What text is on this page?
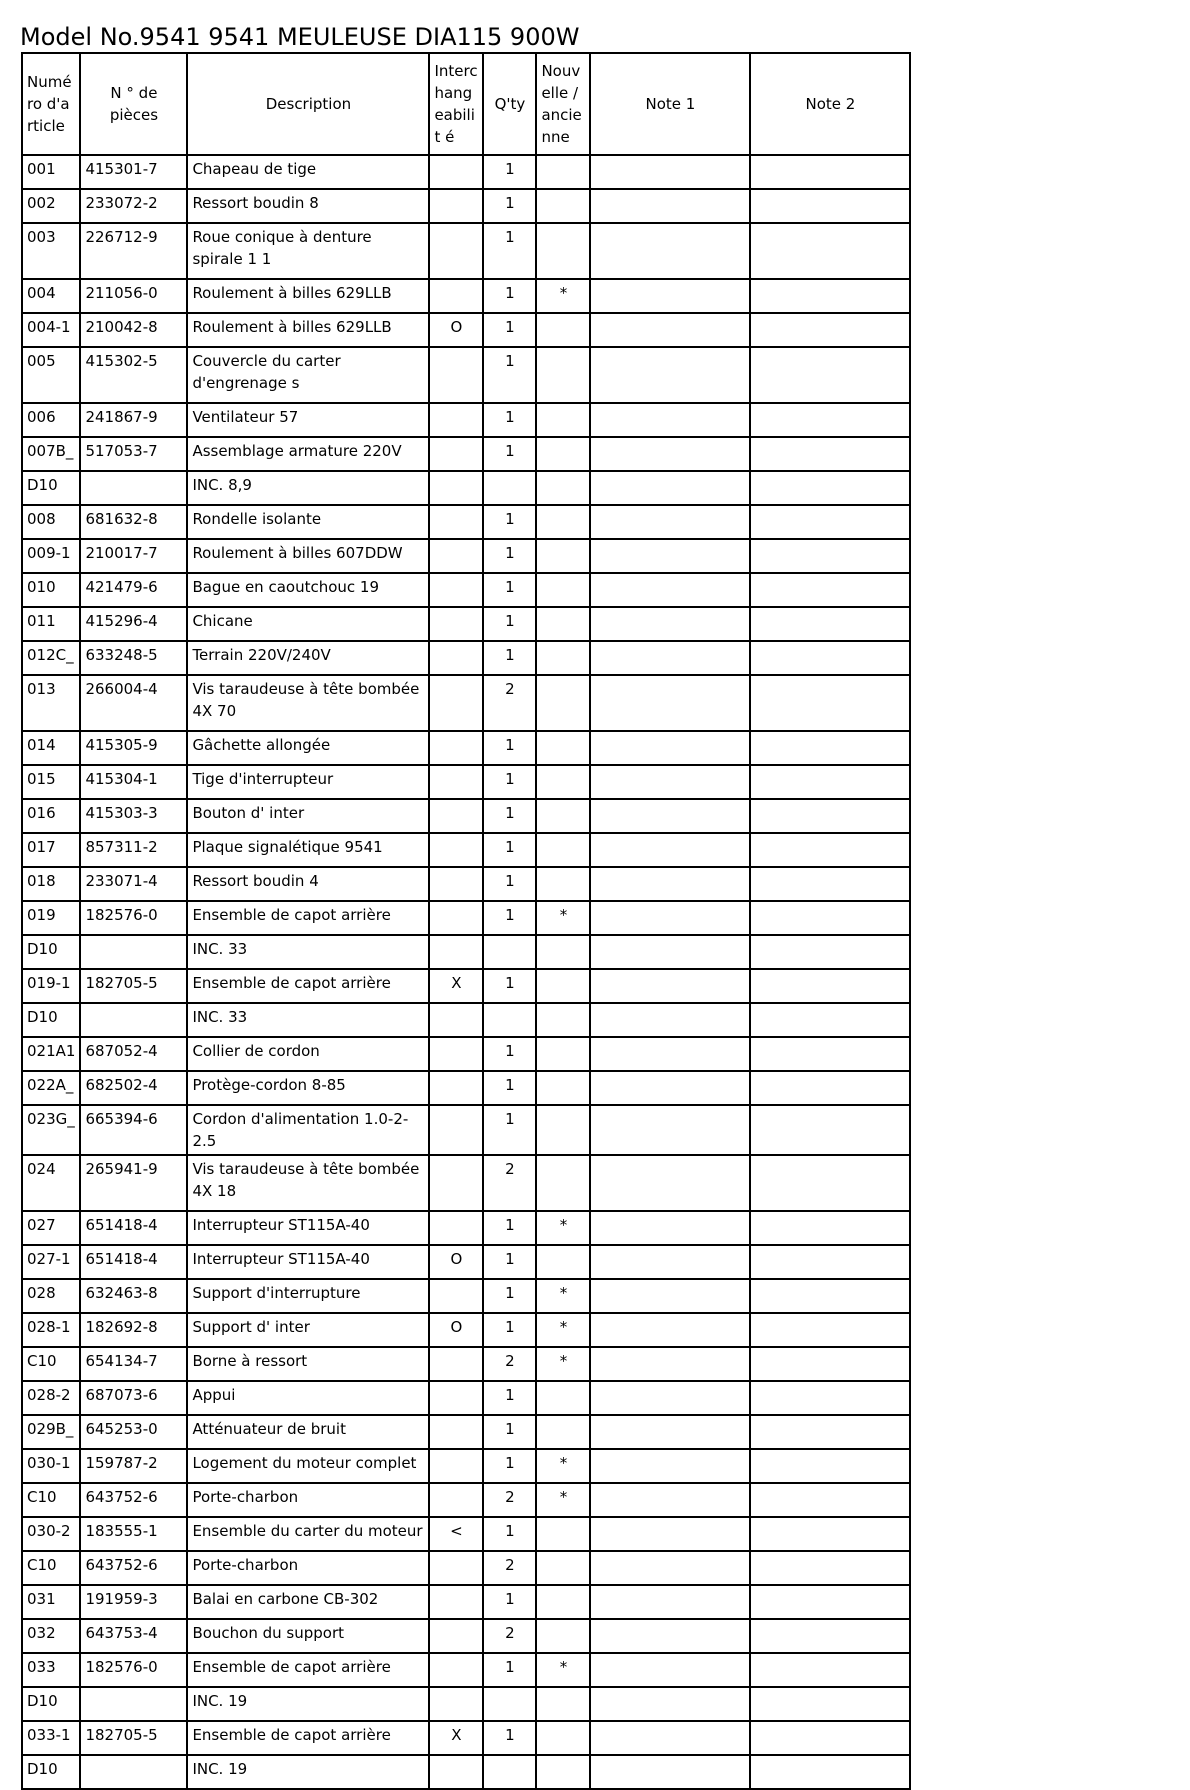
Model No.9541 9541 MEULEUSE DIA115 900W
Numé ro d'a rticle	N ° de pièces	Description	Interc hang eabilit é	Q'ty	Nouv elle / ancie nne	Note 1	Note 2
001	415301-7	Chapeau de tige		1			
002	233072-2	Ressort boudin 8		1			
003	226712-9	Roue conique à denture spirale 1 1		1			
004	211056-0	Roulement à billes 629LLB		1	*		
004-1	210042-8	Roulement à billes 629LLB	O	1			
005	415302-5	Couvercle du carter d'engrenage s		1			
006	241867-9	Ventilateur 57		1			
007B_	517053-7	Assemblage armature 220V		1			
D10		INC. 8,9					
008	681632-8	Rondelle isolante		1			
009-1	210017-7	Roulement à billes 607DDW		1			
010	421479-6	Bague en caoutchouc 19		1			
011	415296-4	Chicane		1			
012C_	633248-5	Terrain 220V/240V		1			
013	266004-4	Vis taraudeuse à tête bombée 4X 70		2			
014	415305-9	Gâchette allongée		1			
015	415304-1	Tige d'interrupteur		1			
016	415303-3	Bouton d' inter		1			
017	857311-2	Plaque signalétique 9541		1			
018	233071-4	Ressort boudin 4		1			
019	182576-0	Ensemble de capot arrière		1	*		
D10		INC. 33					
019-1	182705-5	Ensemble de capot arrière	X	1			
D10		INC. 33					
021A1	687052-4	Collier de cordon		1			
022A_	682502-4	Protège-cordon 8-85		1			
023G_	665394-6	Cordon d'alimentation 1.0-2-2.5		1			
024	265941-9	Vis taraudeuse à tête bombée 4X 18		2			
027	651418-4	Interrupteur ST115A-40		1	*		
027-1	651418-4	Interrupteur ST115A-40	O	1			
028	632463-8	Support d'interrupture		1	*		
028-1	182692-8	Support d' inter	O	1	*		
C10	654134-7	Borne à ressort		2	*		
028-2	687073-6	Appui		1			
029B_	645253-0	Atténuateur de bruit		1			
030-1	159787-2	Logement du moteur complet		1	*		
C10	643752-6	Porte-charbon		2	*		
030-2	183555-1	Ensemble du carter du moteur	<	1			
C10	643752-6	Porte-charbon		2			
031	191959-3	Balai en carbone CB-302		1			
032	643753-4	Bouchon du support		2			
033	182576-0	Ensemble de capot arrière		1	*		
D10		INC. 19					
033-1	182705-5	Ensemble de capot arrière	X	1			
D10		INC. 19					
